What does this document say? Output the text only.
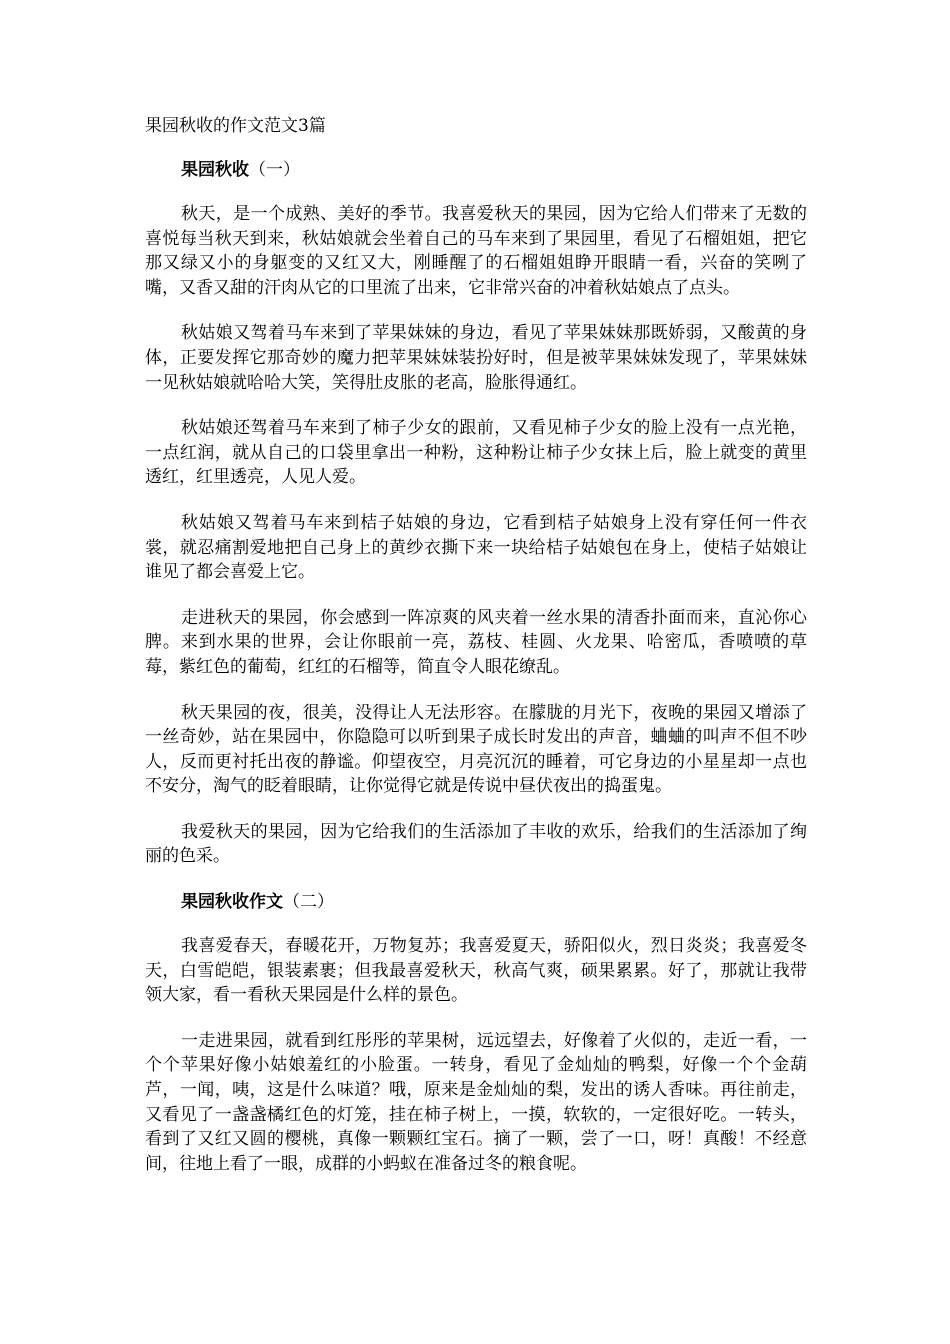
果园秋收的作文范文3篇
果园秋收（一）

秋天，是一个成熟、美好的季节。我喜爱秋天的果园，因为它给人们带来了无数的喜悦每当秋天到来，秋姑娘就会坐着自己的马车来到了果园里，看见了石榴姐姐，把它那又绿又小的身躯变的又红又大，刚睡醒了的石榴姐姐睁开眼睛一看，兴奋的笑咧了嘴，又香又甜的汗肉从它的口里流了出来，它非常兴奋的冲着秋姑娘点了点头。

秋姑娘又驾着马车来到了苹果妹妹的身边，看见了苹果妹妹那既娇弱，又酸黄的身体，正要发挥它那奇妙的魔力把苹果妹妹装扮好时，但是被苹果妹妹发现了，苹果妹妹一见秋姑娘就哈哈大笑，笑得肚皮胀的老高，脸胀得通红。

秋姑娘还驾着马车来到了柿子少女的跟前，又看见柿子少女的脸上没有一点光艳，一点红润，就从自己的口袋里拿出一种粉，这种粉让柿子少女抹上后，脸上就变的黄里透红，红里透亮，人见人爱。

秋姑娘又驾着马车来到桔子姑娘的身边，它看到桔子姑娘身上没有穿任何一件衣裳，就忍痛割爱地把自己身上的黄纱衣撕下来一块给桔子姑娘包在身上，使桔子姑娘让谁见了都会喜爱上它。

走进秋天的果园，你会感到一阵凉爽的风夹着一丝水果的清香扑面而来，直沁你心脾。来到水果的世界，会让你眼前一亮，荔枝、桂圆、火龙果、哈密瓜，香喷喷的草莓，紫红色的葡萄，红红的石榴等，简直令人眼花缭乱。

秋天果园的夜，很美，没得让人无法形容。在朦胧的月光下，夜晚的果园又增添了一丝奇妙，站在果园中，你隐隐可以听到果子成长时发出的声音，蛐蛐的叫声不但不吵人，反而更衬托出夜的静谧。仰望夜空，月亮沉沉的睡着，可它身边的小星星却一点也不安分，淘气的眨着眼睛，让你觉得它就是传说中昼伏夜出的捣蛋鬼。

我爱秋天的果园，因为它给我们的生活添加了丰收的欢乐，给我们的生活添加了绚丽的色采。

果园秋收作文（二）

我喜爱春天，春暖花开，万物复苏；我喜爱夏天，骄阳似火，烈日炎炎；我喜爱冬天，白雪皑皑，银装素裹；但我最喜爱秋天，秋高气爽，硕果累累。好了，那就让我带领大家，看一看秋天果园是什么样的景色。

一走进果园，就看到红彤彤的苹果树，远远望去，好像着了火似的，走近一看，一个个苹果好像小姑娘羞红的小脸蛋。一转身，看见了金灿灿的鸭梨，好像一个个金葫芦，一闻，咦，这是什么味道？哦，原来是金灿灿的梨，发出的诱人香味。再往前走，又看见了一盏盏橘红色的灯笼，挂在柿子树上，一摸，软软的，一定很好吃。一转头，看到了又红又圆的樱桃，真像一颗颗红宝石。摘了一颗，尝了一口，呀！真酸！不经意间，往地上看了一眼，成群的小蚂蚁在准备过冬的粮食呢。
